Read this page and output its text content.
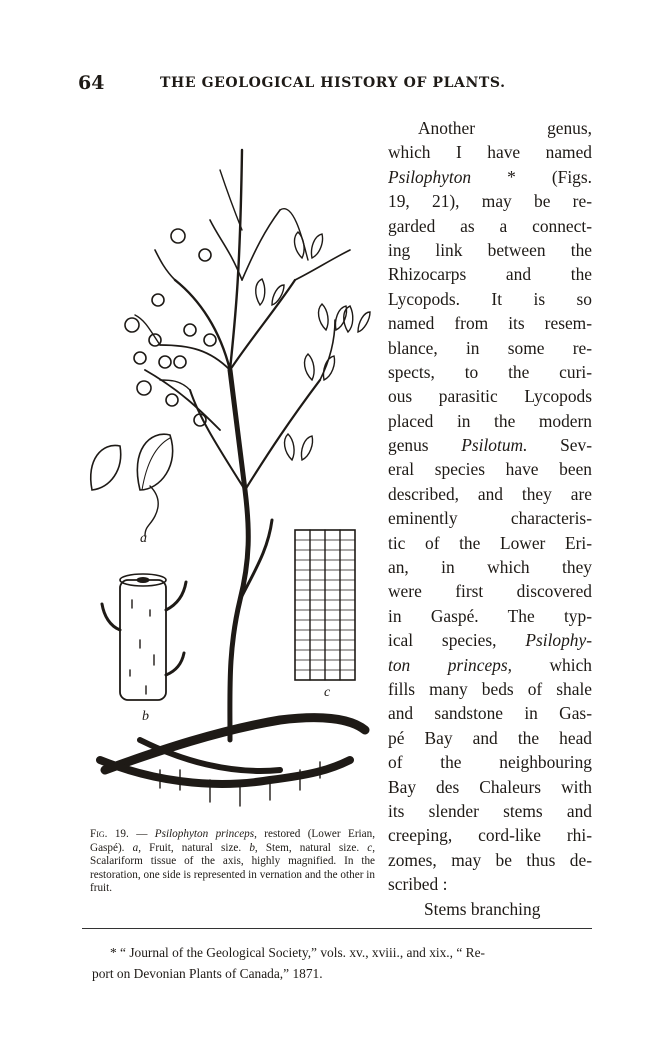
64	THE GEOLOGICAL HISTORY OF PLANTS.
a
b
c
Fig. 19. — Psilophyton princeps, restored (Lower Erian, Gaspé). a, Fruit, natural size. b, Stem, natural size. c, Scalariform tissue of the axis, highly magnified. In the restoration, one side is represented in vernation and the other in fruit.
Another genus,
which I have named
Psilophyton * (Figs.
19, 21), may be re-
garded as a connect-
ing link between the
Rhizocarps and the
Lycopods. It is so
named from its resem-
blance, in some re-
spects, to the curi-
ous parasitic Lycopods
placed in the modern
genus Psilotum. Sev-
eral species have been
described, and they are
eminently characteris-
tic of the Lower Eri-
an, in which they
were first discovered
in Gaspé. The typ-
ical species, Psilophy-
ton princeps, which
fills many beds of shale
and sandstone in Gas-
pé Bay and the head
of the neighbouring
Bay des Chaleurs with
its slender stems and
creeping, cord-like rhi-
zomes, may be thus de-
scribed :
Stems branching
* “ Journal of the Geological Society,” vols. xv., xviii., and xix., “ Re-
port on Devonian Plants of Canada,” 1871.
